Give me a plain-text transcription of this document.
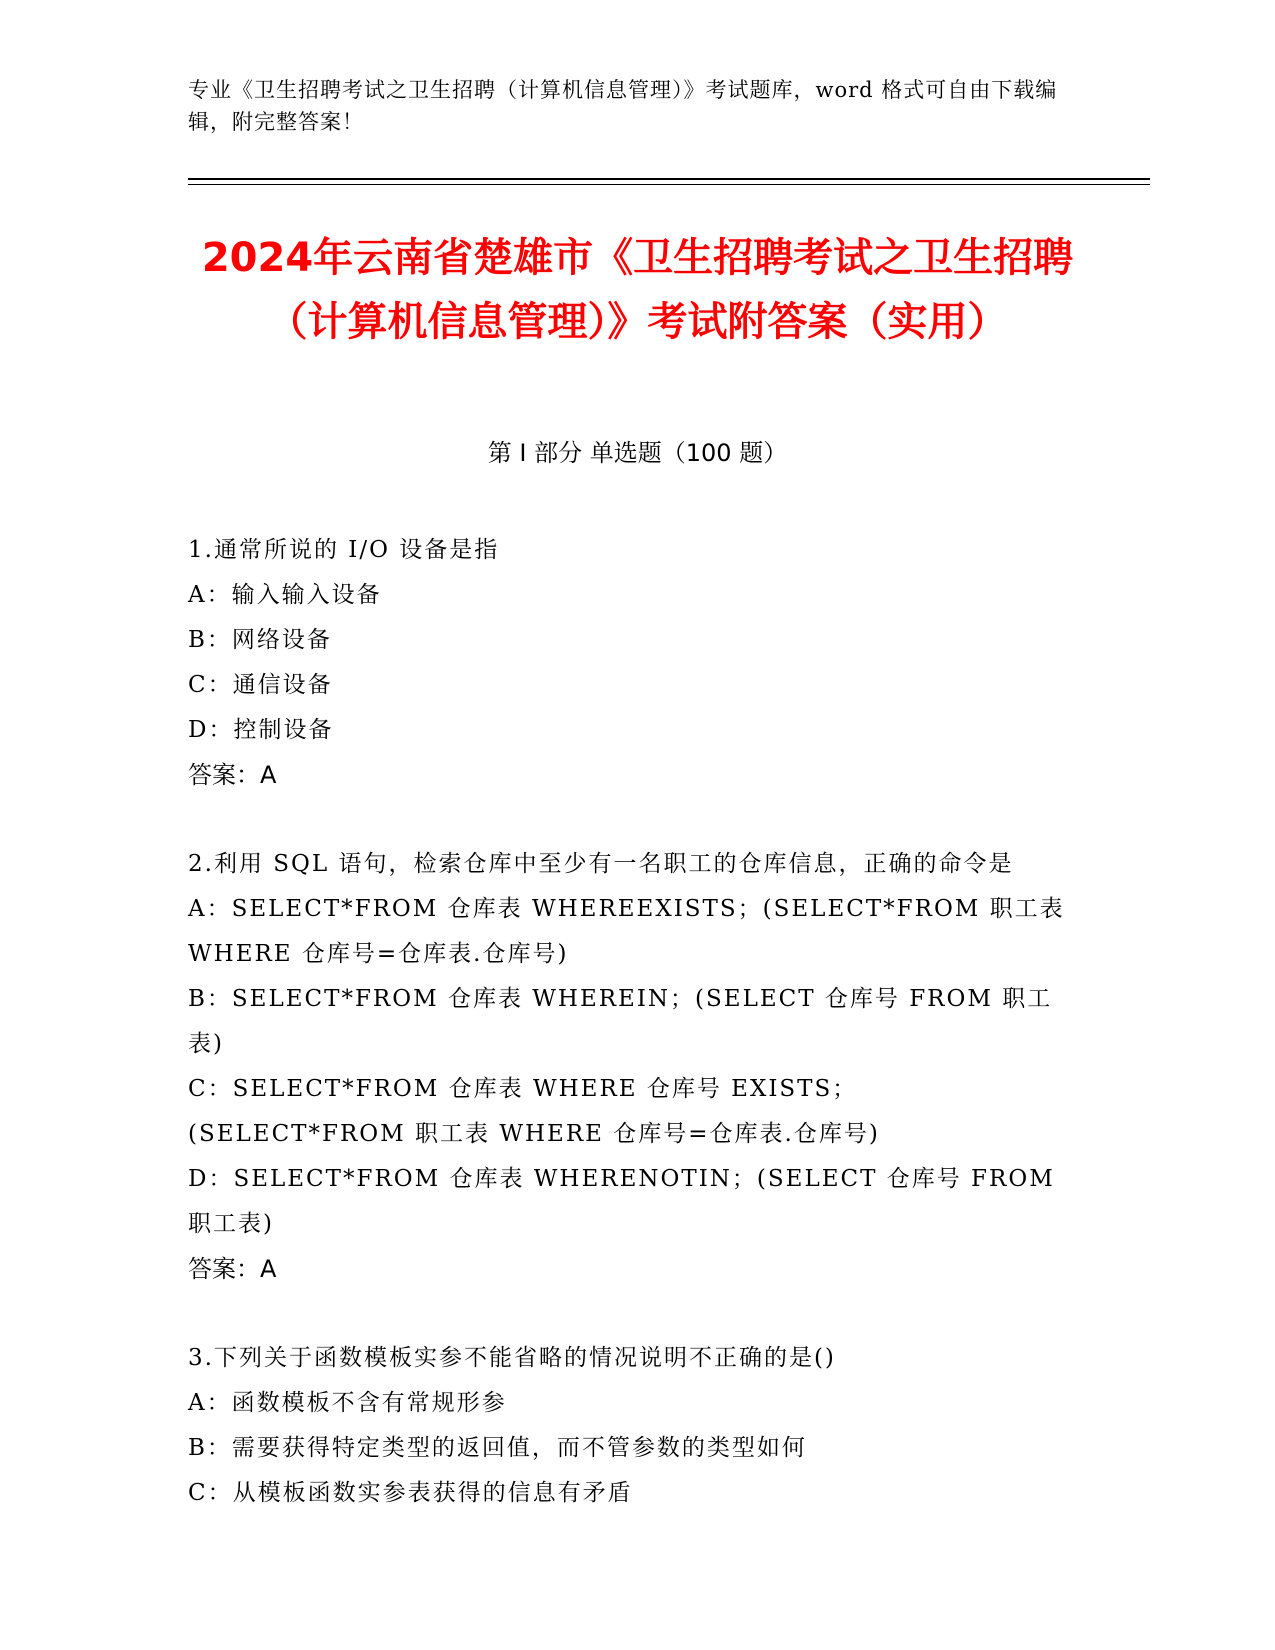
专业《卫生招聘考试之卫生招聘（计算机信息管理）》考试题库，word 格式可自由下载编辑，附完整答案！
2024年云南省楚雄市《卫生招聘考试之卫生招聘（计算机信息管理）》考试附答案（实用）
第 I 部分 单选题（100 题）
1.通常所说的 I/O 设备是指
A：输入输入设备
B：网络设备
C：通信设备
D：控制设备
答案：A
2.利用 SQL 语句，检索仓库中至少有一名职工的仓库信息，正确的命令是
A：SELECT*FROM 仓库表 WHEREEXISTS；(SELECT*FROM 职工表 WHERE 仓库号=仓库表.仓库号)
B：SELECT*FROM 仓库表 WHEREIN；(SELECT 仓库号 FROM 职工表)
C：SELECT*FROM 仓库表 WHERE 仓库号 EXISTS；(SELECT*FROM 职工表 WHERE 仓库号=仓库表.仓库号)
D：SELECT*FROM 仓库表 WHERENOTIN；(SELECT 仓库号 FROM 职工表)
答案：A
3.下列关于函数模板实参不能省略的情况说明不正确的是()
A：函数模板不含有常规形参
B：需要获得特定类型的返回值，而不管参数的类型如何
C：从模板函数实参表获得的信息有矛盾
